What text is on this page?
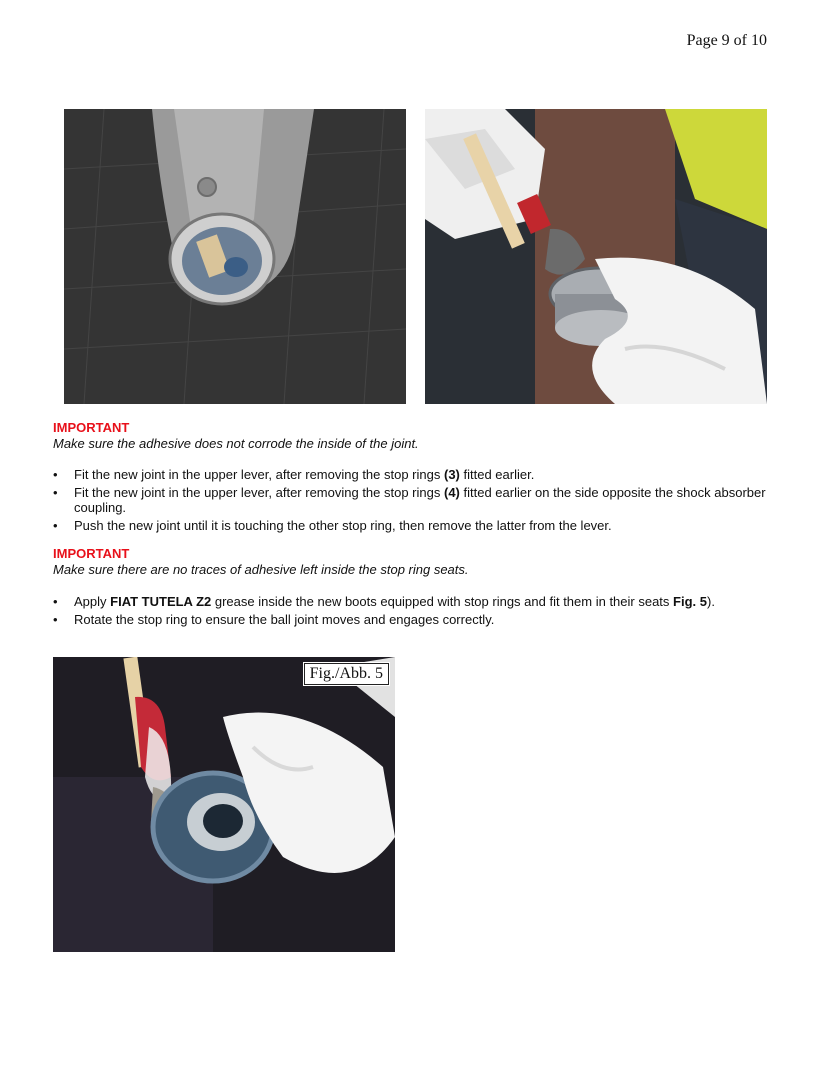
Page 9 of 10

IMPORTANT

Make sure the adhesive does not corrode the inside of the joint.

• Fit the new joint in the upper lever, after removing the stop rings (3) fitted earlier.
• Fit the new joint in the upper lever, after removing the stop rings (4) fitted earlier on the side opposite the shock absorber coupling.
• Push the new joint until it is touching the other stop ring, then remove the latter from the lever.

IMPORTANT

Make sure there are no traces of adhesive left inside the stop ring seats.

• Apply FIAT TUTELA Z2 grease inside the new boots equipped with stop rings and fit them in their seats Fig. 5).
• Rotate the stop ring to ensure the ball joint moves and engages correctly.
Fig./Abb. 5
